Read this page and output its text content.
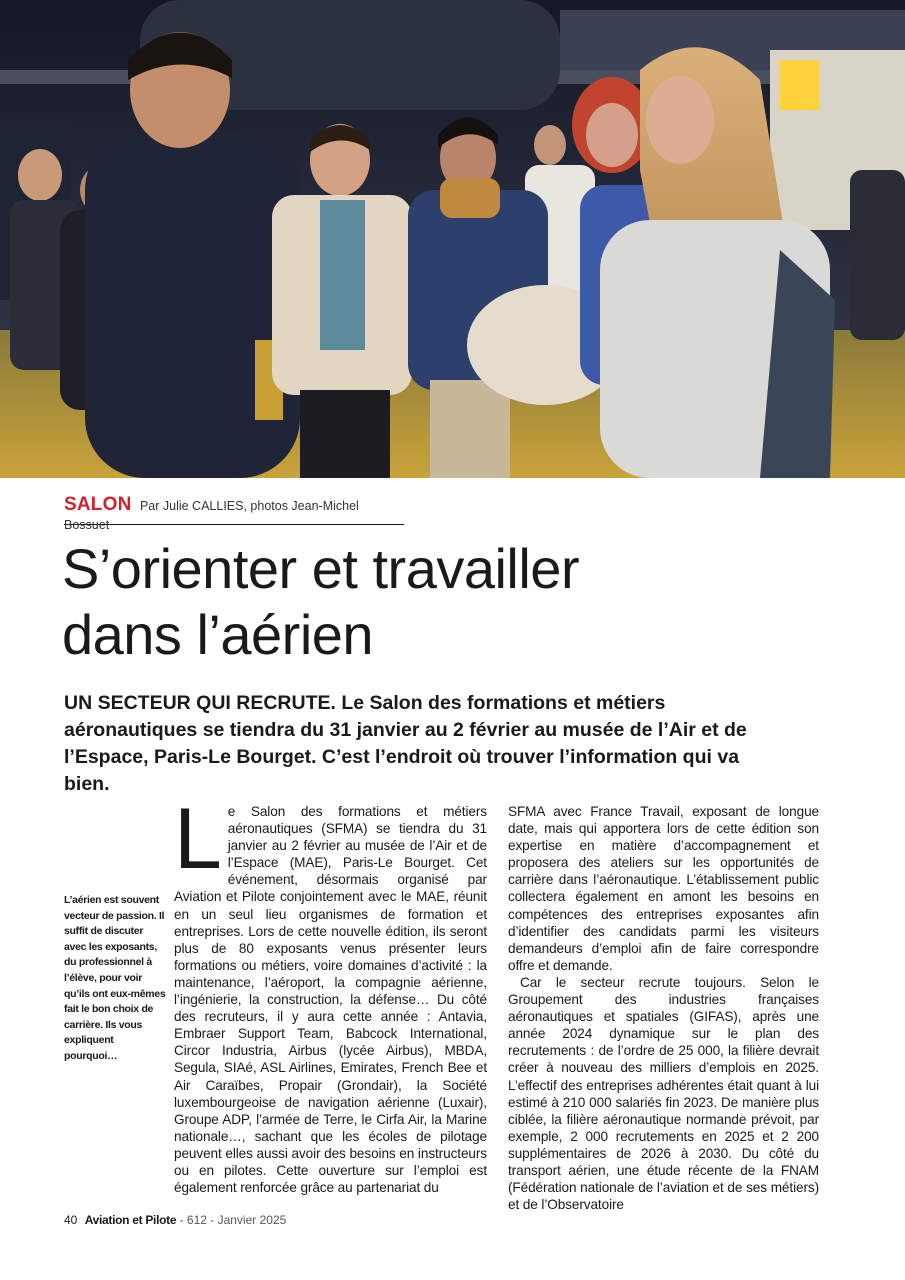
SALON Par Julie CALLIES, photos Jean-Michel Bossuet
S’orienter et travailler
dans l’aérien

UN SECTEUR QUI RECRUTE. Le Salon des formations et métiers aéronautiques se tiendra du 31 janvier au 2 février au musée de l’Air et de l’Espace, Paris-Le Bourget. C’est l’endroit où trouver l’information qui va bien.

L’aérien est souvent vecteur de passion. Il suffit de discuter avec les exposants, du professionnel à l’élève, pour voir qu’ils ont eux-mêmes fait le bon choix de carrière. Ils vous expliquent pourquoi…
L e Salon des formations et métiers aéronautiques (SFMA) se tiendra du 31 janvier au 2 février au musée de l’Air et de l’Espace (MAE), Paris-Le Bourget. Cet événement, désormais organisé par Aviation et Pilote conjointement avec le MAE, réunit en un seul lieu organismes de formation et entreprises. Lors de cette nouvelle édition, ils seront plus de 80 exposants venus présenter leurs formations ou métiers, voire domaines d’activité : la maintenance, l’aéroport, la compagnie aérienne, l’ingénierie, la construction, la défense… Du côté des recruteurs, il y aura cette année : Antavia, Embraer Support Team, Babcock International, Circor Industria, Airbus (lycée Airbus), MBDA, Segula, SIAé, ASL Airlines, Emirates, French Bee et Air Caraïbes, Propair (Grondair), la Société luxembourgeoise de navigation aérienne (Luxair), Groupe ADP, l’armée de Terre, le Cirfa Air, la Marine nationale…, sachant que les écoles de pilotage peuvent elles aussi avoir des besoins en instructeurs ou en pilotes. Cette ouverture sur l’emploi est également renforcée grâce au partenariat du

SFMA avec France Travail, exposant de longue date, mais qui apportera lors de cette édition son expertise en matière d’accompagnement et proposera des ateliers sur les opportunités de carrière dans l’aéronautique. L’établissement public collectera également en amont les besoins en compétences des entreprises exposantes afin d’identifier des candidats parmi les visiteurs demandeurs d’emploi afin de faire correspondre offre et demande.

Car le secteur recrute toujours. Selon le Groupement des industries françaises aéronautiques et spatiales (GIFAS), après une année 2024 dynamique sur le plan des recrutements : de l’ordre de 25 000, la filière devrait créer à nouveau des milliers d’emplois en 2025. L’effectif des entreprises adhérentes était quant à lui estimé à 210 000 salariés fin 2023. De manière plus ciblée, la filière aéronautique normande prévoit, par exemple, 2 000 recrutements en 2025 et 2 200 supplémentaires de 2026 à 2030. Du côté du transport aérien, une étude récente de la FNAM (Fédération nationale de l’aviation et de ses métiers) et de l’Observatoire

40 Aviation et Pilote - 612 - Janvier 2025
